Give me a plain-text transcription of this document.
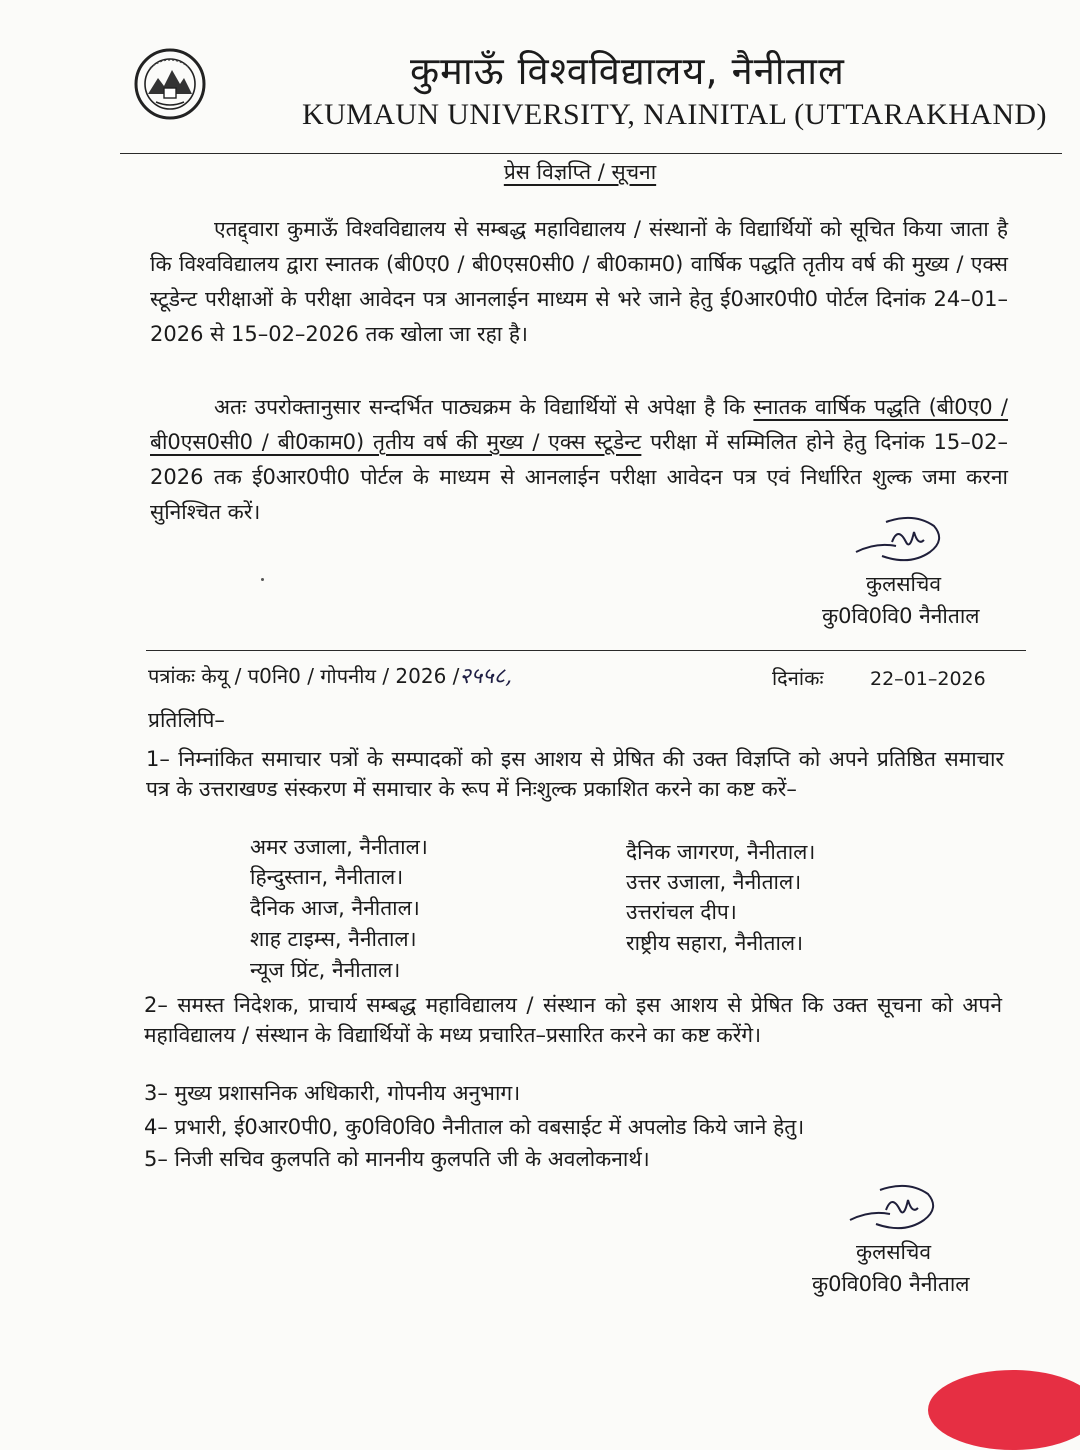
कुमाऊँ विश्वविद्यालय, नैनीताल
KUMAUN UNIVERSITY, NAINITAL (UTTARAKHAND)
प्रेस विज्ञप्ति / सूचना
एतद्द्वारा कुमाऊँ विश्वविद्यालय से सम्बद्ध महाविद्यालय / संस्थानों के विद्यार्थियों को सूचित किया जाता है कि विश्वविद्यालय द्वारा स्नातक (बी0ए0 / बी0एस0सी0 / बी0काम0) वार्षिक पद्धति तृतीय वर्ष की मुख्य / एक्स स्टूडेन्ट परीक्षाओं के परीक्षा आवेदन पत्र आनलाईन माध्यम से भरे जाने हेतु ई0आर0पी0 पोर्टल दिनांक 24–01–2026 से 15–02–2026 तक खोला जा रहा है।
अतः उपरोक्तानुसार सन्दर्भित पाठ्यक्रम के विद्यार्थियों से अपेक्षा है कि स्नातक वार्षिक पद्धति (बी0ए0 / बी0एस0सी0 / बी0काम0) तृतीय वर्ष की मुख्य / एक्स स्टूडेन्ट परीक्षा में सम्मिलित होने हेतु दिनांक 15–02–2026 तक ई0आर0पी0 पोर्टल के माध्यम से आनलाईन परीक्षा आवेदन पत्र एवं निर्धारित शुल्क जमा करना सुनिश्चित करें।
कुलसचिव
कु0वि0वि0 नैनीताल
पत्रांकः केयू / प0नि0 / गोपनीय / 2026 /२५५८,	दिनांकः 22–01–2026
प्रतिलिपि–
1– निम्नांकित समाचार पत्रों के सम्पादकों को इस आशय से प्रेषित की उक्त विज्ञप्ति को अपने प्रतिष्ठित समाचार पत्र के उत्तराखण्ड संस्करण में समाचार के रूप में निःशुल्क प्रकाशित करने का कष्ट करें–
अमर उजाला, नैनीताल।
हिन्दुस्तान, नैनीताल।
दैनिक आज, नैनीताल।
शाह टाइम्स, नैनीताल।
न्यूज प्रिंट, नैनीताल।
दैनिक जागरण, नैनीताल।
उत्तर उजाला, नैनीताल।
उत्तरांचल दीप।
राष्ट्रीय सहारा, नैनीताल।
2– समस्त निदेशक, प्राचार्य सम्बद्ध महाविद्यालय / संस्थान को इस आशय से प्रेषित कि उक्त सूचना को अपने महाविद्यालय / संस्थान के विद्यार्थियों के मध्य प्रचारित–प्रसारित करने का कष्ट करेंगे।
3– मुख्य प्रशासनिक अधिकारी, गोपनीय अनुभाग।
4– प्रभारी, ई0आर0पी0, कु0वि0वि0 नैनीताल को वबसाईट में अपलोड किये जाने हेतु।
5– निजी सचिव कुलपति को माननीय कुलपति जी के अवलोकनार्थ।
कुलसचिव
कु0वि0वि0 नैनीताल
